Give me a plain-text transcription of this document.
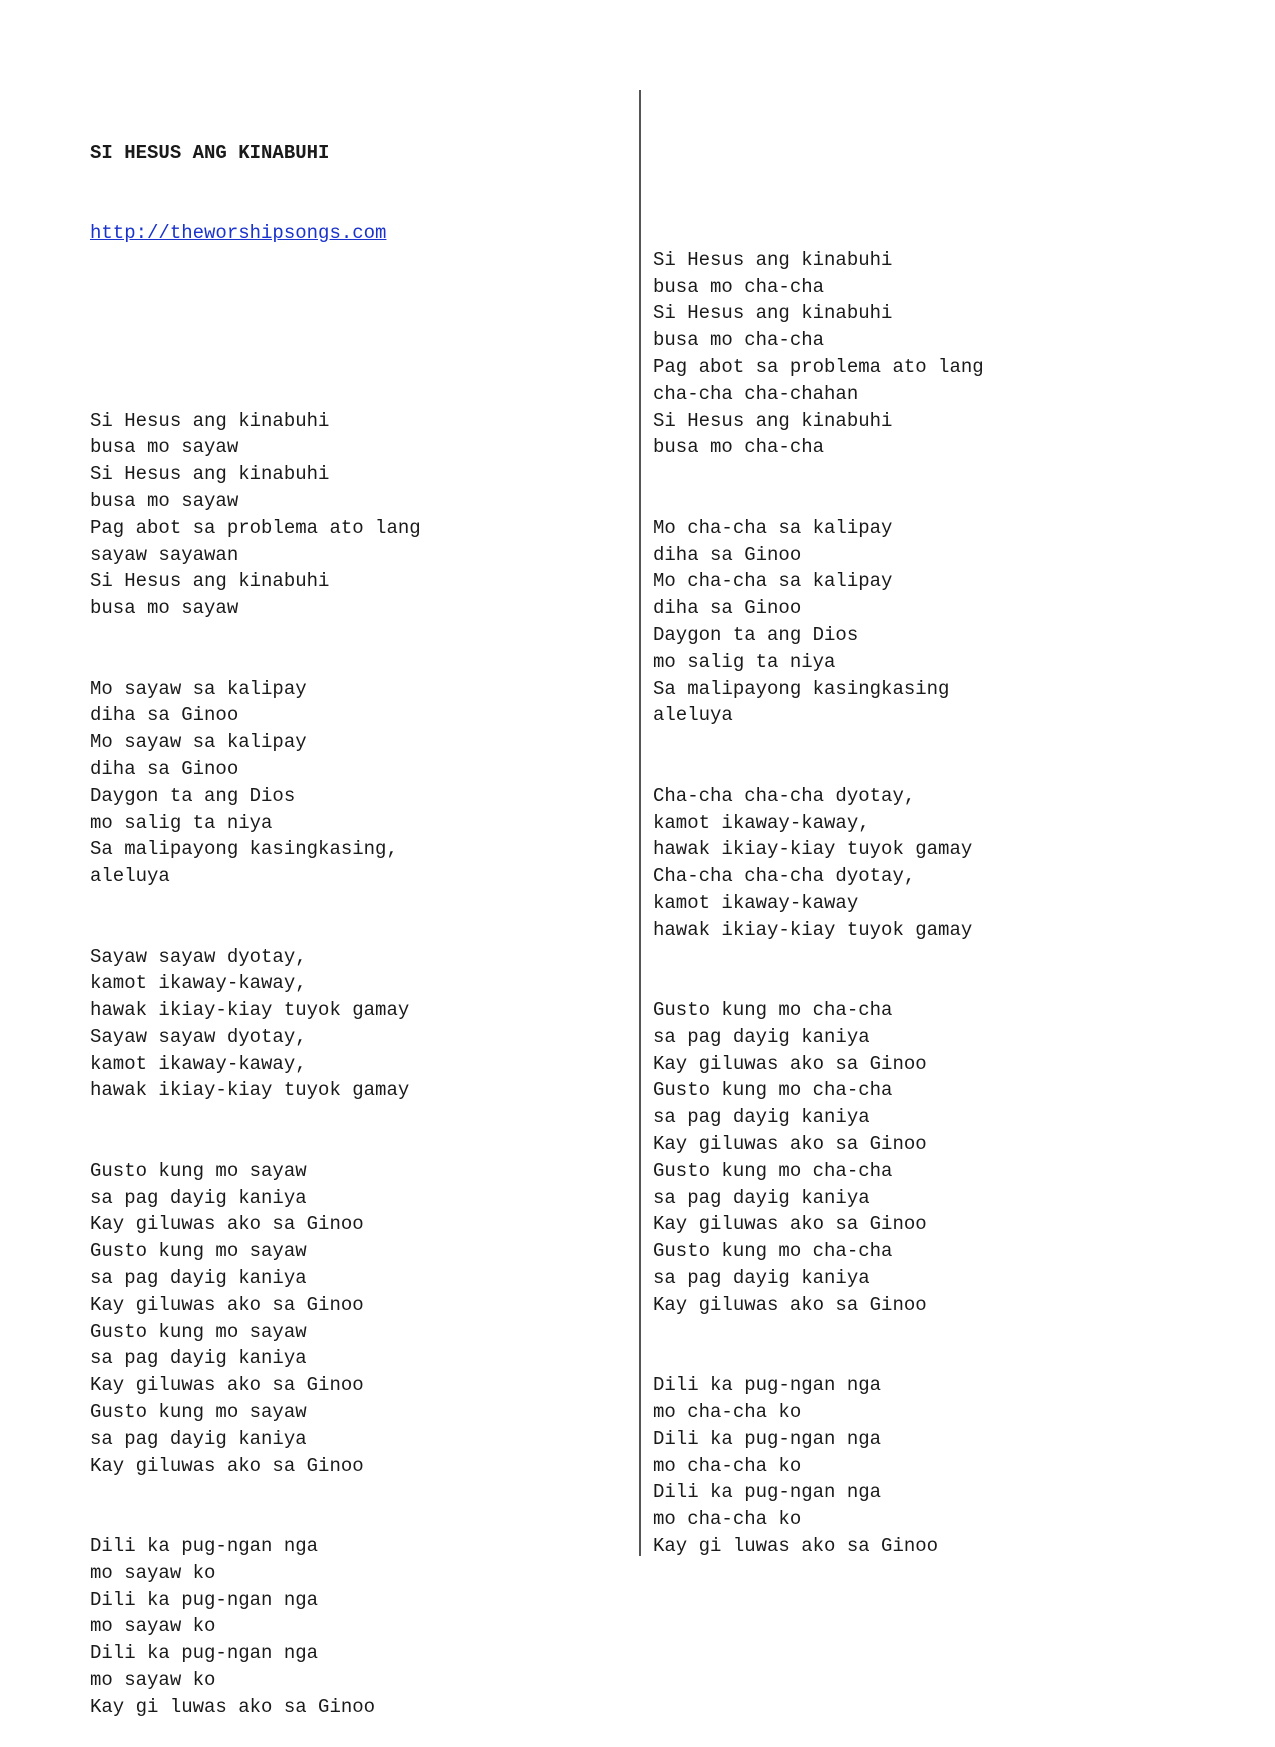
SI HESUS ANG KINABUHI

http://theworshipsongs.com

Si Hesus ang kinabuhi
busa mo sayaw
Si Hesus ang kinabuhi
busa mo sayaw
Pag abot sa problema ato lang
sayaw sayawan
Si Hesus ang kinabuhi
busa mo sayaw
Mo sayaw sa kalipay
diha sa Ginoo
Mo sayaw sa kalipay
diha sa Ginoo
Daygon ta ang Dios
mo salig ta niya
Sa malipayong kasingkasing,
aleluya
Sayaw sayaw dyotay,
kamot ikaway-kaway,
hawak ikiay-kiay tuyok gamay
Sayaw sayaw dyotay,
kamot ikaway-kaway,
hawak ikiay-kiay tuyok gamay
Gusto kung mo sayaw
sa pag dayig kaniya
Kay giluwas ako sa Ginoo
Gusto kung mo sayaw
sa pag dayig kaniya
Kay giluwas ako sa Ginoo
Gusto kung mo sayaw
sa pag dayig kaniya
Kay giluwas ako sa Ginoo
Gusto kung mo sayaw
sa pag dayig kaniya
Kay giluwas ako sa Ginoo
Dili ka pug-ngan nga
mo sayaw ko
Dili ka pug-ngan nga
mo sayaw ko
Dili ka pug-ngan nga
mo sayaw ko
Kay gi luwas ako sa Ginoo

Si Hesus ang kinabuhi
busa mo cha-cha
Si Hesus ang kinabuhi
busa mo cha-cha
Pag abot sa problema ato lang
cha-cha cha-chahan
Si Hesus ang kinabuhi
busa mo cha-cha
Mo cha-cha sa kalipay
diha sa Ginoo
Mo cha-cha sa kalipay
diha sa Ginoo
Daygon ta ang Dios
mo salig ta niya
Sa malipayong kasingkasing
aleluya
Cha-cha cha-cha dyotay,
kamot ikaway-kaway,
hawak ikiay-kiay tuyok gamay
Cha-cha cha-cha dyotay,
kamot ikaway-kaway
hawak ikiay-kiay tuyok gamay
Gusto kung mo cha-cha
sa pag dayig kaniya
Kay giluwas ako sa Ginoo
Gusto kung mo cha-cha
sa pag dayig kaniya
Kay giluwas ako sa Ginoo
Gusto kung mo cha-cha
sa pag dayig kaniya
Kay giluwas ako sa Ginoo
Gusto kung mo cha-cha
sa pag dayig kaniya
Kay giluwas ako sa Ginoo
Dili ka pug-ngan nga
mo cha-cha ko
Dili ka pug-ngan nga
mo cha-cha ko
Dili ka pug-ngan nga
mo cha-cha ko
Kay gi luwas ako sa Ginoo
